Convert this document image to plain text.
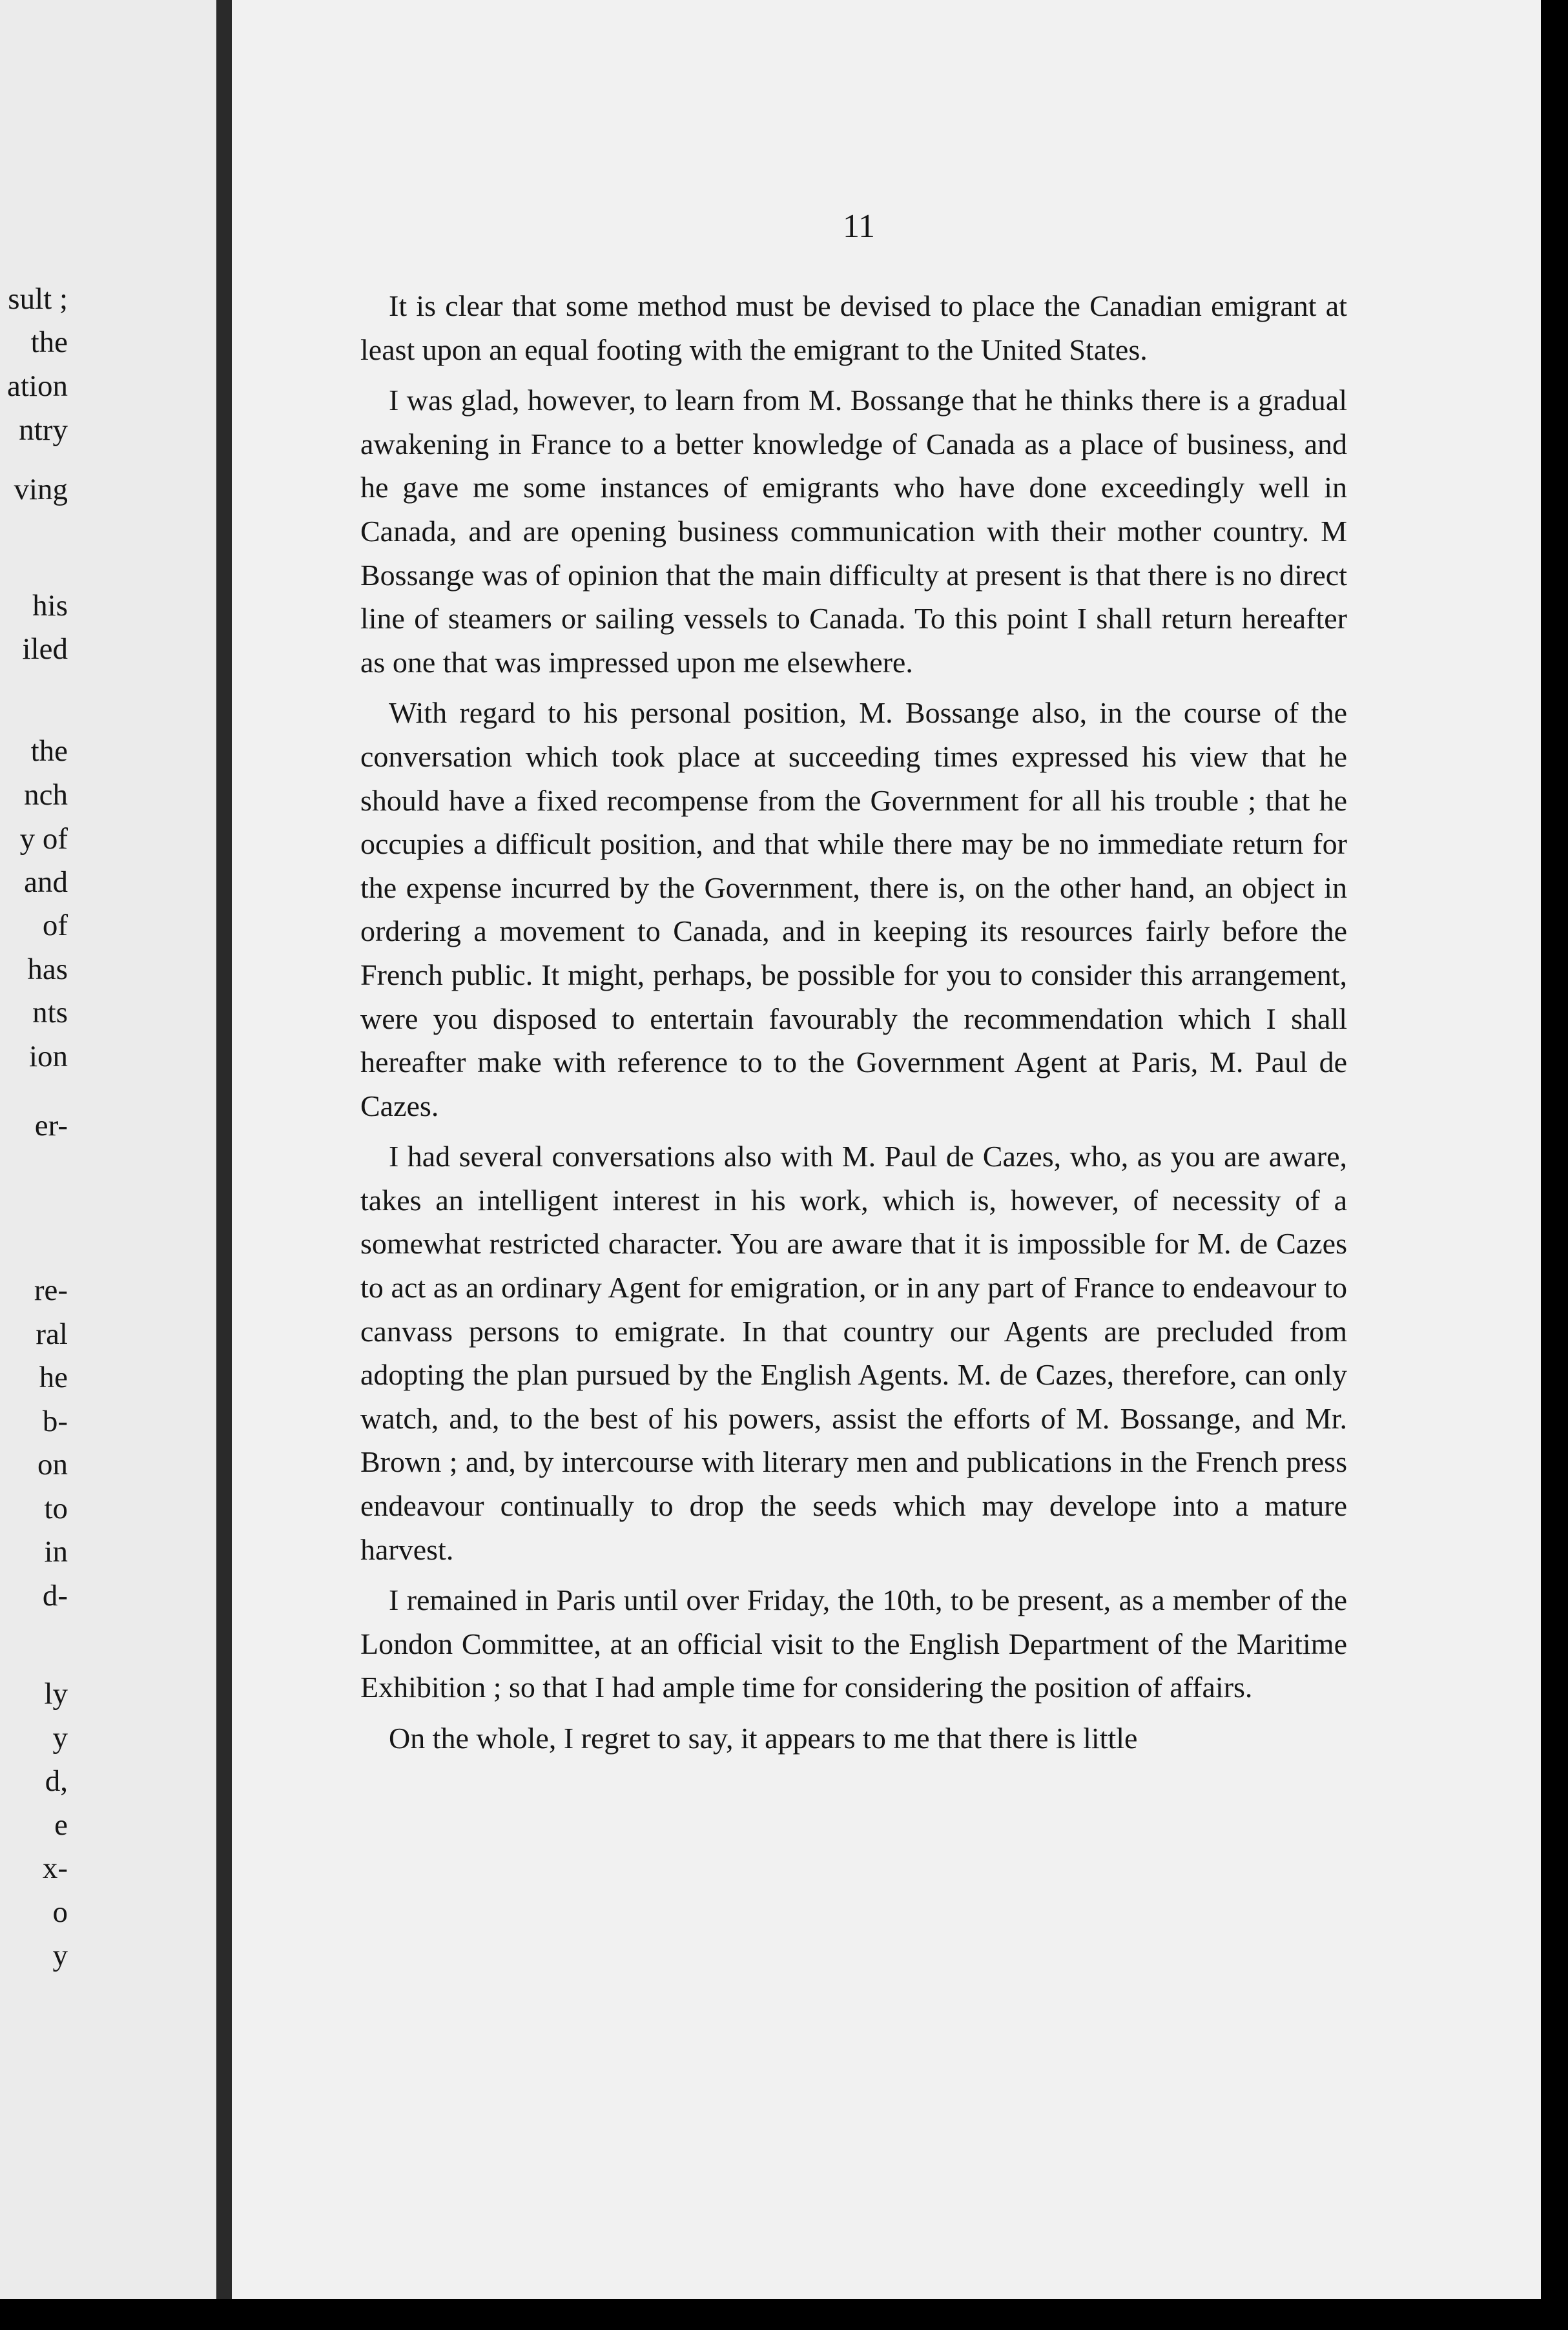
sult ;
the
ation
ntry
ving
his
iled
the
nch
y of
and
of
has
nts
ion
er-
re-
ral
he
b-
on
to
in
d-
ly
y
d,
e
x-
o
y
11

It is clear that some method must be devised to place the Canadian emigrant at least upon an equal footing with the emigrant to the United States.

I was glad, however, to learn from M. Bossange that he thinks there is a gradual awakening in France to a better knowledge of Canada as a place of business, and he gave me some instances of emigrants who have done exceedingly well in Canada, and are opening business communication with their mother country. M Bossange was of opinion that the main difficulty at present is that there is no direct line of steamers or sailing vessels to Canada. To this point I shall return hereafter as one that was impressed upon me elsewhere.

With regard to his personal position, M. Bossange also, in the course of the conversation which took place at succeeding times expressed his view that he should have a fixed recompense from the Government for all his trouble ; that he occupies a difficult position, and that while there may be no immediate return for the expense incurred by the Government, there is, on the other hand, an object in ordering a movement to Canada, and in keeping its resources fairly before the French public. It might, perhaps, be possible for you to consider this arrangement, were you disposed to entertain favourably the recommendation which I shall hereafter make with reference to to the Government Agent at Paris, M. Paul de Cazes.

I had several conversations also with M. Paul de Cazes, who, as you are aware, takes an intelligent interest in his work, which is, however, of necessity of a somewhat restricted character. You are aware that it is impossible for M. de Cazes to act as an ordinary Agent for emigration, or in any part of France to endeavour to canvass persons to emigrate. In that country our Agents are precluded from adopting the plan pursued by the English Agents. M. de Cazes, therefore, can only watch, and, to the best of his powers, assist the efforts of M. Bossange, and Mr. Brown ; and, by intercourse with literary men and publications in the French press endeavour continually to drop the seeds which may develope into a mature harvest.

I remained in Paris until over Friday, the 10th, to be present, as a member of the London Committee, at an official visit to the English Department of the Maritime Exhibition ; so that I had ample time for considering the position of affairs.

On the whole, I regret to say, it appears to me that there is little
